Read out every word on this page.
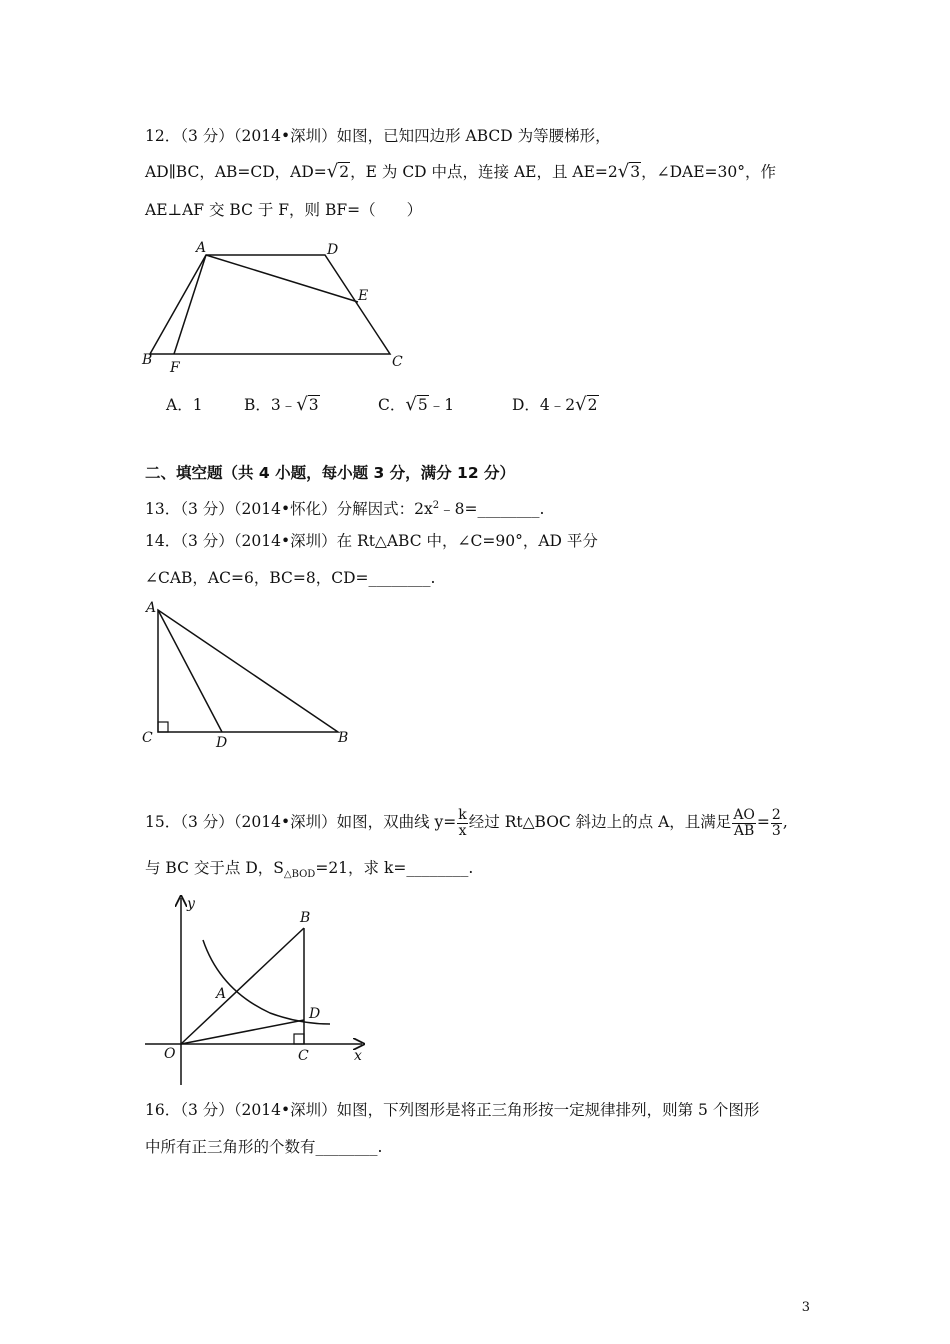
12．（3 分）（2014•深圳）如图，已知四边形 ABCD 为等腰梯形，
AD∥BC，AB=CD，AD=√2，E 为 CD 中点，连接 AE，且 AE=2√3，∠DAE=30°，作
AE⊥AF 交 BC 于 F，则 BF=（　　）
A	D
E
B F	C
A．1	B．3﹣√3	C．√5﹣1	D．4﹣2√2
二、填空题（共 4 小题，每小题 3 分，满分 12 分）
13．（3 分）（2014•怀化）分解因式：$2x^2﹣8=\_\_\_\_\_\_\_\_$.
14．（3 分）（2014•深圳）在 Rt△ABC 中，∠C=90°，AD 平分
∠CAB，AC=6，BC=8，CD=________.
A
C	D	B
15．（3 分）（2014•深圳）如图，双曲线 $y= \frac{k}{x}$ 经过 Rt△BOC 斜边上的点 A，且满足 $\frac{AO}{AB} = \frac{2}{3}$ ,
与 BC 交于点 D，$S_{\triangle BOD}=21$，求 k=________.
y
B
A
D
O	C	x
16．（3 分）（2014•深圳）如图，下列图形是将正三角形按一定规律排列，则第 5 个图形
中所有正三角形的个数有________.
3
